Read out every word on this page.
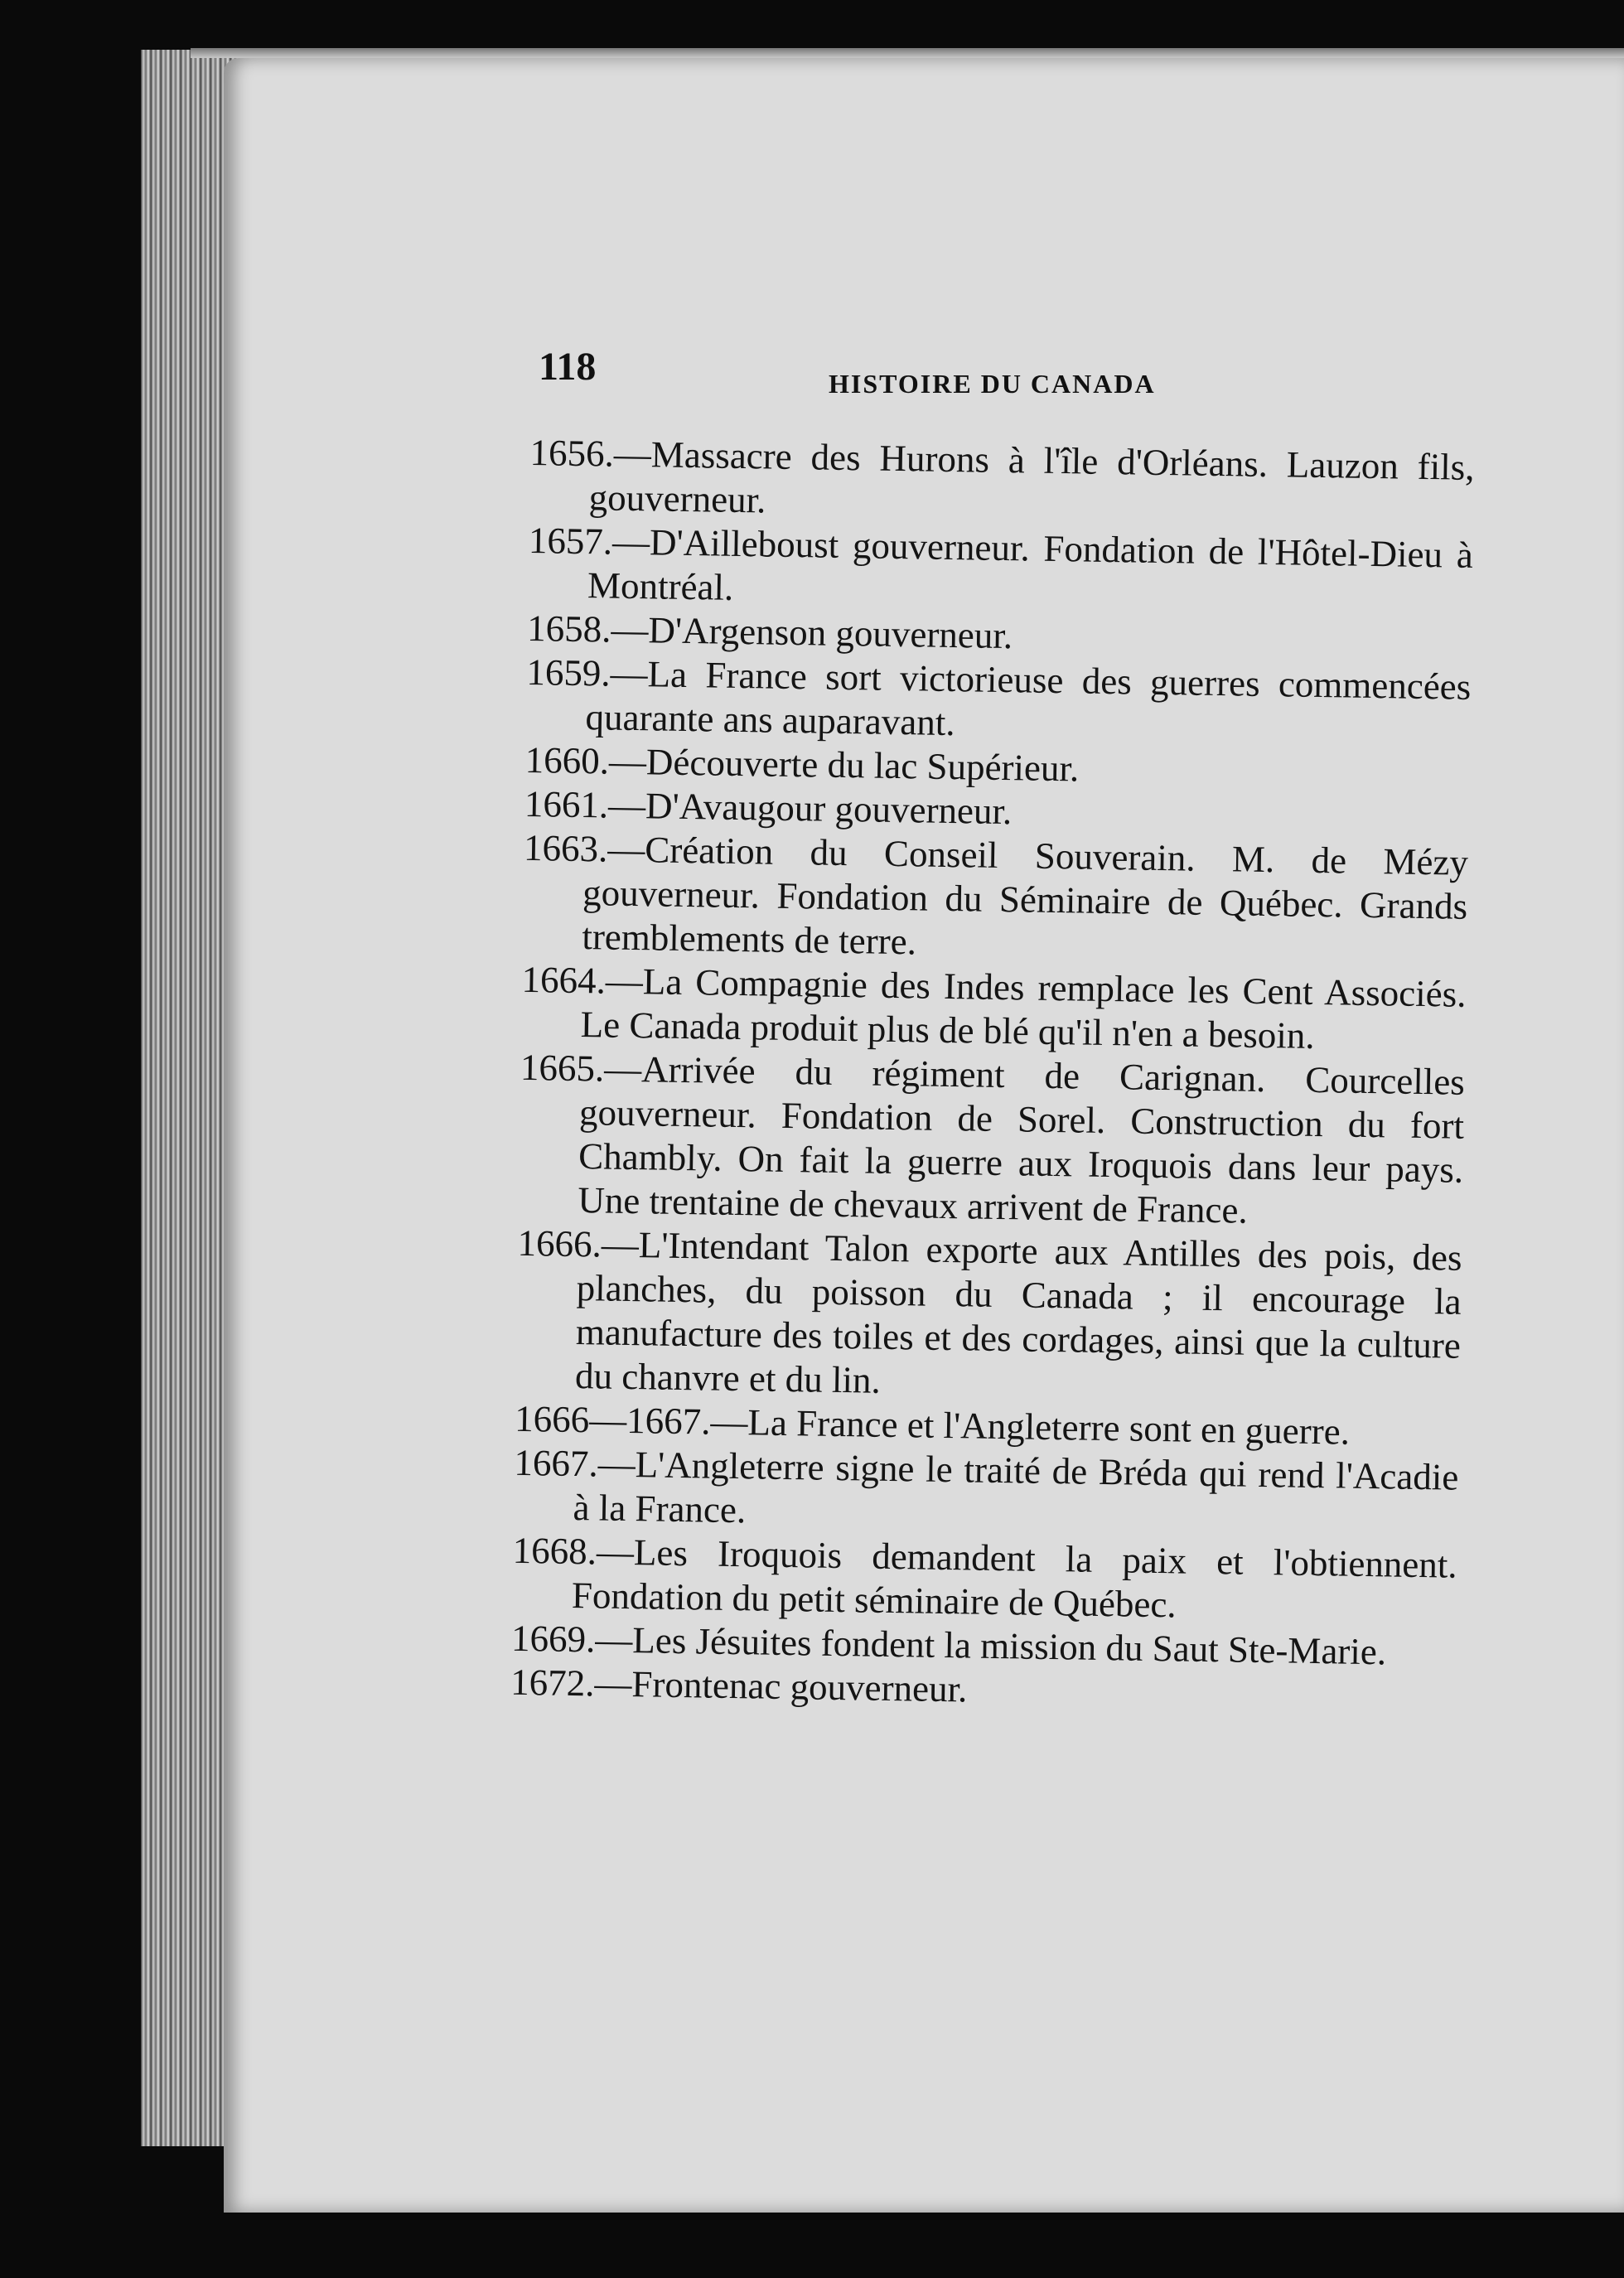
118	HISTOIRE DU CANADA

1656.—Massacre des Hurons à l'île d'Orléans. Lauzon fils, gouverneur.

1657.—D'Ailleboust gouverneur. Fondation de l'Hôtel-Dieu à Montréal.

1658.—D'Argenson gouverneur.

1659.—La France sort victorieuse des guerres commencées quarante ans auparavant.

1660.—Découverte du lac Supérieur.

1661.—D'Avaugour gouverneur.

1663.—Création du Conseil Souverain. M. de Mézy gouverneur. Fondation du Séminaire de Québec. Grands tremblements de terre.

1664.—La Compagnie des Indes remplace les Cent Associés. Le Canada produit plus de blé qu'il n'en a besoin.

1665.—Arrivée du régiment de Carignan. Courcelles gouverneur. Fondation de Sorel. Construction du fort Chambly. On fait la guerre aux Iroquois dans leur pays. Une trentaine de chevaux arrivent de France.

1666.—L'Intendant Talon exporte aux Antilles des pois, des planches, du poisson du Canada ; il encourage la manufacture des toiles et des cordages, ainsi que la culture du chanvre et du lin.

1666—1667.—La France et l'Angleterre sont en guerre.

1667.—L'Angleterre signe le traité de Bréda qui rend l'Acadie à la France.

1668.—Les Iroquois demandent la paix et l'obtiennent. Fondation du petit séminaire de Québec.

1669.—Les Jésuites fondent la mission du Saut Ste-Marie.

1672.—Frontenac gouverneur.
